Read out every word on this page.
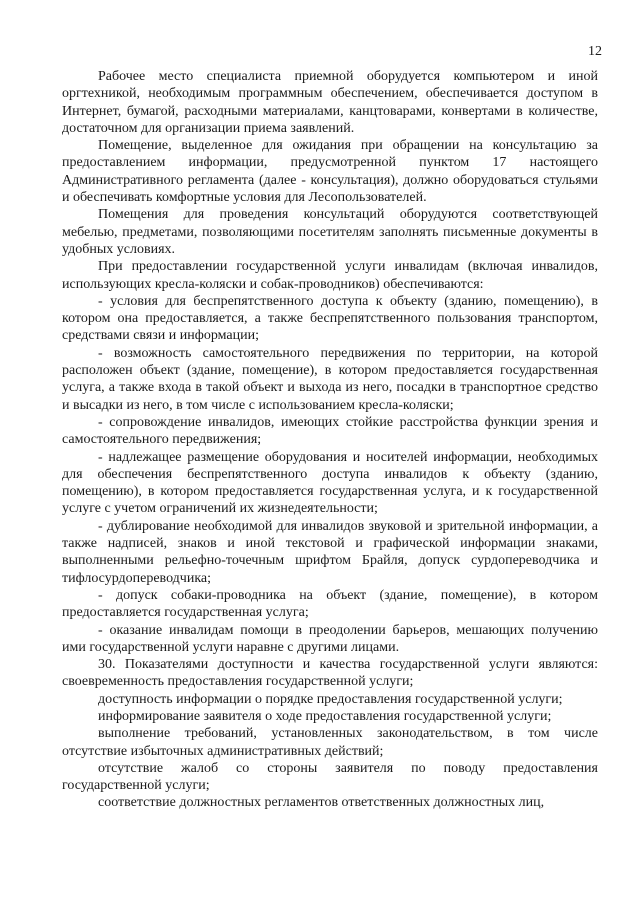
12

Рабочее место специалиста приемной оборудуется компьютером и иной оргтехникой, необходимым программным обеспечением, обеспечивается доступом в Интернет, бумагой, расходными материалами, канцтоварами, конвертами в количестве, достаточном для организации приема заявлений.

Помещение, выделенное для ожидания при обращении на консультацию за предоставлением информации, предусмотренной пунктом 17 настоящего Административного регламента (далее - консультация), должно оборудоваться стульями и обеспечивать комфортные условия для Лесопользователей.

Помещения для проведения консультаций оборудуются соответствующей мебелью, предметами, позволяющими посетителям заполнять письменные документы в удобных условиях.

При предоставлении государственной услуги инвалидам (включая инвалидов, использующих кресла-коляски и собак-проводников) обеспечиваются:

- условия для беспрепятственного доступа к объекту (зданию, помещению), в котором она предоставляется, а также беспрепятственного пользования транспортом, средствами связи и информации;

- возможность самостоятельного передвижения по территории, на которой расположен объект (здание, помещение), в котором предоставляется государственная услуга, а также входа в такой объект и выхода из него, посадки в транспортное средство и высадки из него, в том числе с использованием кресла-коляски;

- сопровождение инвалидов, имеющих стойкие расстройства функции зрения и самостоятельного передвижения;

- надлежащее размещение оборудования и носителей информации, необходимых для обеспечения беспрепятственного доступа инвалидов к объекту (зданию, помещению), в котором предоставляется государственная услуга, и к государственной услуге с учетом ограничений их жизнедеятельности;

- дублирование необходимой для инвалидов звуковой и зрительной информации, а также надписей, знаков и иной текстовой и графической информации знаками, выполненными рельефно-точечным шрифтом Брайля, допуск сурдопереводчика и тифлосурдопереводчика;

- допуск собаки-проводника на объект (здание, помещение), в котором предоставляется государственная услуга;

- оказание инвалидам помощи в преодолении барьеров, мешающих получению ими государственной услуги наравне с другими лицами.

30. Показателями доступности и качества государственной услуги являются: своевременность предоставления государственной услуги;

доступность информации о порядке предоставления государственной услуги;

информирование заявителя о ходе предоставления государственной услуги;

выполнение требований, установленных законодательством, в том числе отсутствие избыточных административных действий;

отсутствие жалоб со стороны заявителя по поводу предоставления государственной услуги;

соответствие должностных регламентов ответственных должностных лиц,
